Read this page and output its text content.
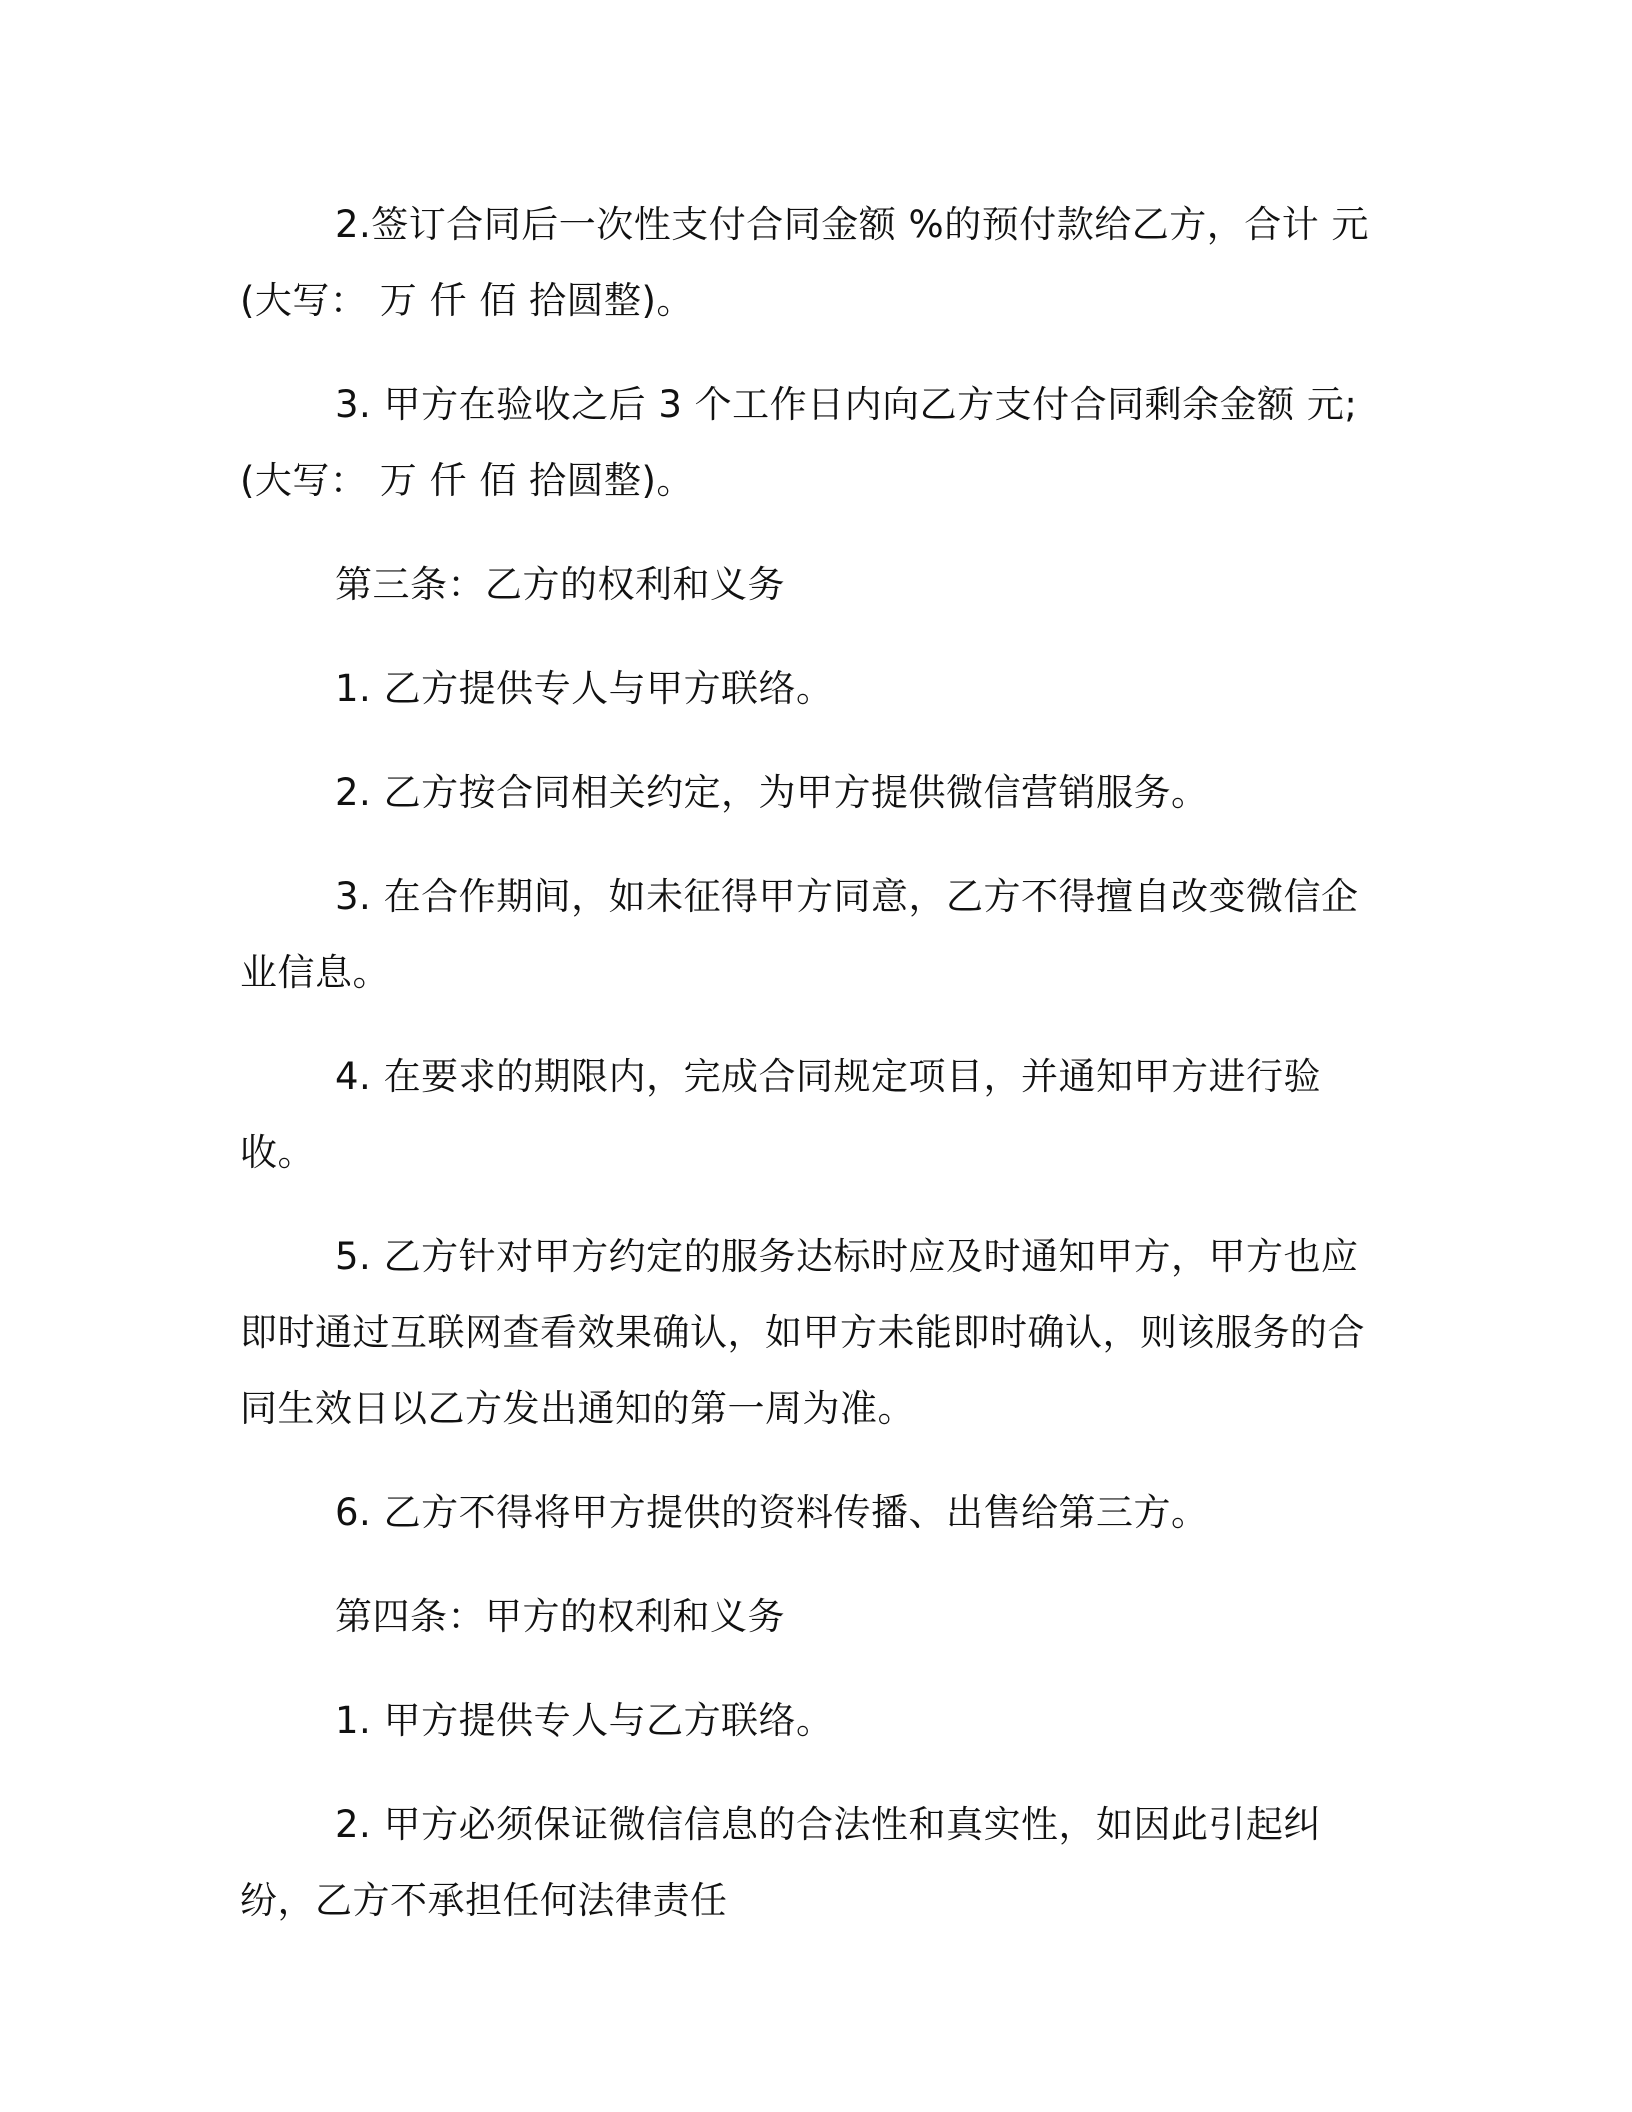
2.签订合同后一次性支付合同金额 %的预付款给乙方，合计 元(大写： 万 仟 佰 拾圆整)。

3. 甲方在验收之后 3 个工作日内向乙方支付合同剩余金额 元;(大写： 万 仟 佰 拾圆整)。

第三条：乙方的权利和义务

1. 乙方提供专人与甲方联络。

2. 乙方按合同相关约定，为甲方提供微信营销服务。

3. 在合作期间，如未征得甲方同意，乙方不得擅自改变微信企业信息。

4. 在要求的期限内，完成合同规定项目，并通知甲方进行验收。

5. 乙方针对甲方约定的服务达标时应及时通知甲方，甲方也应即时通过互联网查看效果确认，如甲方未能即时确认，则该服务的合同生效日以乙方发出通知的第一周为准。

6. 乙方不得将甲方提供的资料传播、出售给第三方。

第四条：甲方的权利和义务

1. 甲方提供专人与乙方联络。

2. 甲方必须保证微信信息的合法性和真实性，如因此引起纠纷，乙方不承担任何法律责任
